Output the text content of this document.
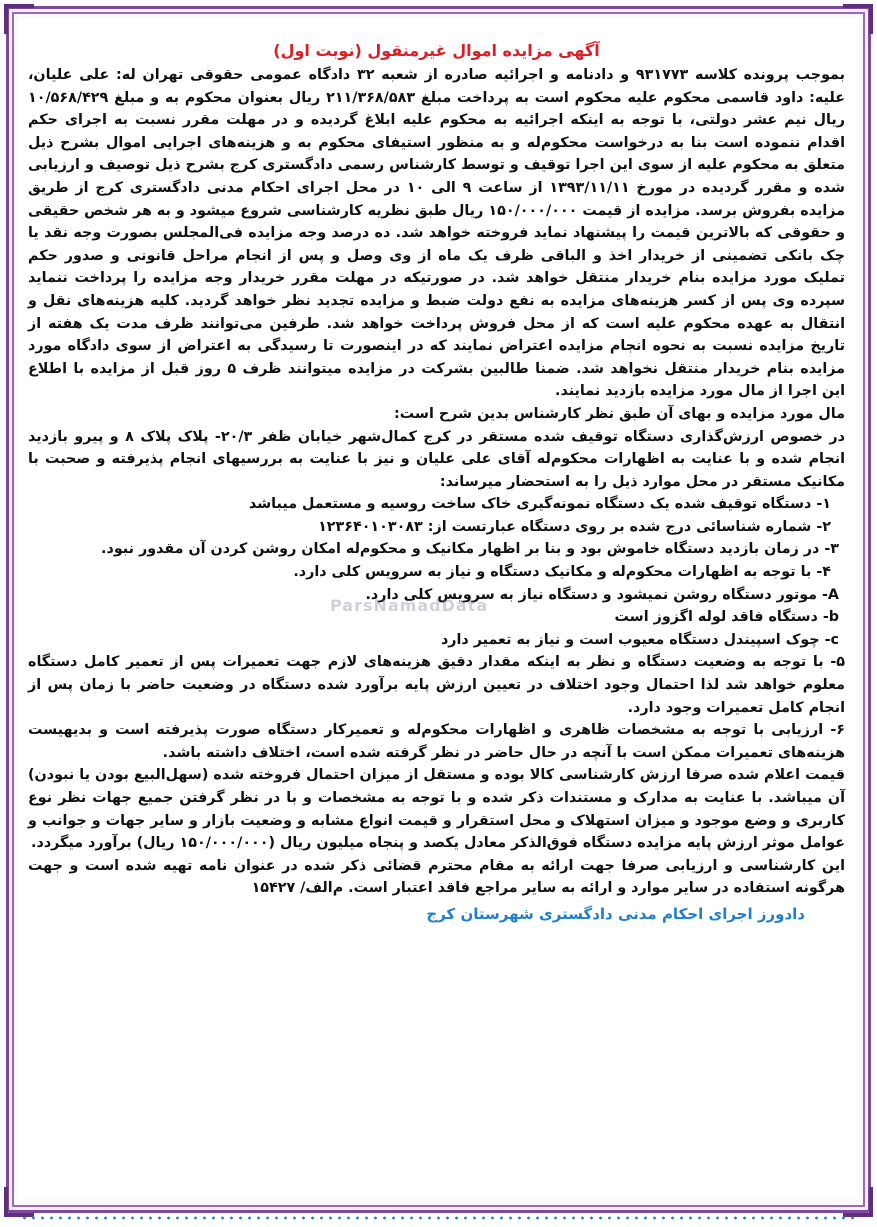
آگهی مزایده اموال غیرمنقول (نوبت اول)

بموجب پرونده کلاسه ۹۳۱۷۷۳ و دادنامه و اجرائیه صادره از شعبه ۳۲ دادگاه عمومی حقوقی تهران له: علی علیان، علیه: داود قاسمی محکوم علیه محکوم است به پرداخت مبلغ ۲۱۱/۳۶۸/۵۸۳ ریال بعنوان محکوم به و مبلغ ۱۰/۵۶۸/۴۲۹ ریال نیم عشر دولتی، با توجه به اینکه اجرائیه به محکوم علیه ابلاغ گردیده و در مهلت مقرر نسبت به اجرای حکم اقدام ننموده است بنا به درخواست محکوم‌له و به منظور استیفای محکوم به و هزینه‌های اجرایی اموال بشرح ذیل متعلق به محکوم علیه از سوی این اجرا توقیف و توسط کارشناس رسمی دادگستری کرج بشرح ذیل توصیف و ارزیابی شده و مقرر گردیده در مورخ ۱۳۹۳/۱۱/۱۱ از ساعت ۹ الی ۱۰ در محل اجرای احکام مدنی دادگستری کرج از طریق مزایده بفروش برسد. مزایده از قیمت ۱۵۰/۰۰۰/۰۰۰ ریال طبق نظریه کارشناسی شروع میشود و به هر شخص حقیقی و حقوقی که بالاترین قیمت را پیشنهاد نماید فروخته خواهد شد. ده درصد وجه مزایده فی‌المجلس بصورت وجه نقد یا چک بانکی تضمینی از خریدار اخذ و الباقی ظرف یک ماه از وی وصل و پس از انجام مراحل قانونی و صدور حکم تملیک مورد مزایده بنام خریدار منتقل خواهد شد. در صورتیکه در مهلت مقرر خریدار وجه مزایده را پرداخت ننماید سپرده وی پس از کسر هزینه‌های مزایده به نفع دولت ضبط و مزایده تجدید نظر خواهد گردید. کلیه هزینه‌های نقل و انتقال به عهده محکوم علیه است که از محل فروش پرداخت خواهد شد. طرفین می‌توانند ظرف مدت یک هفته از تاریخ مزایده نسبت به نحوه انجام مزایده اعتراض نمایند که در اینصورت تا رسیدگی به اعتراض از سوی دادگاه مورد مزایده بنام خریدار منتقل نخواهد شد. ضمنا طالبین بشرکت در مزایده میتوانند ظرف ۵ روز قبل از مزایده با اطلاع این اجرا از مال مورد مزایده بازدید نمایند.

مال مورد مزایده و بهای آن طبق نظر کارشناس بدین شرح است:

در خصوص ارزش‌گذاری دستگاه توقیف شده مستقر در کرج کمال‌شهر خیابان ظفر ۲۰/۳- پلاک پلاک ۸ و پیرو بازدید انجام شده و با عنایت به اظهارات محکوم‌له آقای علی علیان و نیز با عنایت به بررسیهای انجام پذیرفته و صحبت با مکانیک مستقر در محل موارد ذیل را به استحضار میرساند:

۱- دستگاه توقیف شده یک دستگاه نمونه‌گیری خاک ساخت روسیه و مستعمل میباشد

۲- شماره شناسائی درج شده بر روی دستگاه عبارتست از: ۱۲۳۶۴۰۱۰۳۰۸۳

۳- در زمان بازدید دستگاه خاموش بود و بنا بر اظهار مکانیک و محکوم‌له امکان روشن کردن آن مقدور نبود.

۴- با توجه به اظهارات محکوم‌له و مکانیک دستگاه و نیاز به سرویس کلی دارد.

A- موتور دستگاه روشن نمیشود و دستگاه نیاز به سرویس کلی دارد.

b- دستگاه فاقد لوله اگزوز است

c- چوک اسپیندل دستگاه معیوب است و نیاز به تعمیر دارد

۵- با توجه به وضعیت دستگاه و نظر به اینکه مقدار دقیق هزینه‌های لازم جهت تعمیرات پس از تعمیر کامل دستگاه معلوم خواهد شد لذا احتمال وجود اختلاف در تعیین ارزش پایه برآورد شده دستگاه در وضعیت حاضر با زمان پس از انجام کامل تعمیرات وجود دارد.

۶- ارزیابی با توجه به مشخصات ظاهری و اظهارات محکوم‌له و تعمیرکار دستگاه صورت پذیرفته است و بدیهیست هزینه‌های تعمیرات ممکن است با آنچه در حال حاضر در نظر گرفته شده است، اختلاف داشته باشد.

قیمت اعلام شده صرفا ارزش کارشناسی کالا بوده و مستقل از میزان احتمال فروخته شده (سهل‌البیع بودن یا نبودن) آن میباشد. با عنایت به مدارک و مستندات ذکر شده و با توجه به مشخصات و با در نظر گرفتن جمیع جهات نظر نوع کاربری و وضع موجود و میزان استهلاک و محل استقرار و قیمت انواع مشابه و وضعیت بازار و سایر جهات و جوانب و عوامل موثر ارزش پایه مزایده دستگاه فوق‌الذکر معادل یکصد و پنجاه میلیون ریال (۱۵۰/۰۰۰/۰۰۰ ریال) برآورد میگردد.

این کارشناسی و ارزیابی صرفا جهت ارائه به مقام محترم قضائی ذکر شده در عنوان نامه تهیه شده است و جهت هرگونه استفاده در سایر موارد و ارائه به سایر مراجع فاقد اعتبار است. م‌الف/ ۱۵۴۲۷

دادورز اجرای احکام مدنی دادگستری شهرستان کرج
ParsNamadData
